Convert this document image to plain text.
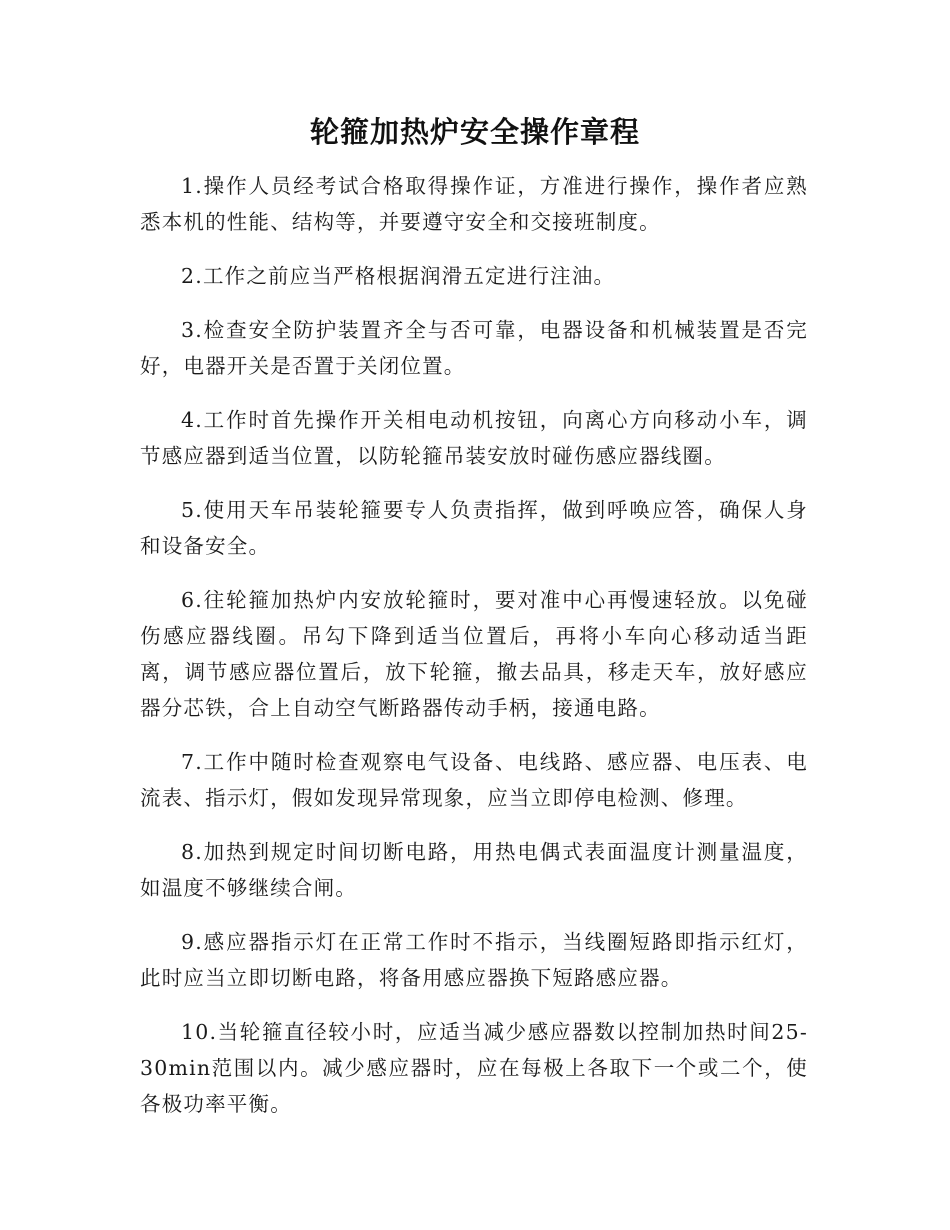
轮箍加热炉安全操作章程

1.操作人员经考试合格取得操作证，方准进行操作，操作者应熟悉本机的性能、结构等，并要遵守安全和交接班制度。

2.工作之前应当严格根据润滑五定进行注油。

3.检查安全防护装置齐全与否可靠，电器设备和机械装置是否完好，电器开关是否置于关闭位置。

4.工作时首先操作开关相电动机按钮，向离心方向移动小车，调节感应器到适当位置，以防轮箍吊装安放时碰伤感应器线圈。

5.使用天车吊装轮箍要专人负责指挥，做到呼唤应答，确保人身和设备安全。

6.往轮箍加热炉内安放轮箍时，要对准中心再慢速轻放。以免碰伤感应器线圈。吊勾下降到适当位置后，再将小车向心移动适当距离，调节感应器位置后，放下轮箍，撤去品具，移走天车，放好感应器分芯铁，合上自动空气断路器传动手柄，接通电路。

7.工作中随时检查观察电气设备、电线路、感应器、电压表、电流表、指示灯，假如发现异常现象，应当立即停电检测、修理。

8.加热到规定时间切断电路，用热电偶式表面温度计测量温度，如温度不够继续合闸。

9.感应器指示灯在正常工作时不指示，当线圈短路即指示红灯，此时应当立即切断电路，将备用感应器换下短路感应器。

10.当轮箍直径较小时，应适当减少感应器数以控制加热时间25-30min范围以内。减少感应器时，应在每极上各取下一个或二个，使各极功率平衡。
